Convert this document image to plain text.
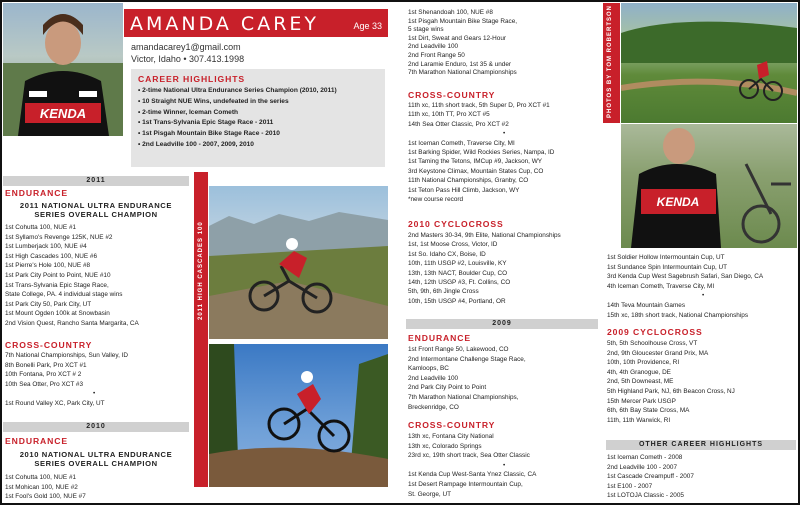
KENDA
AMANDA CAREY	Age 33
amandacarey1@gmail.com
Victor, Idaho • 307.413.1998
CAREER HIGHLIGHTS
• 2-time National Ultra Endurance Series Champion (2010, 2011)
• 10 Straight NUE Wins, undefeated in the series
• 2-time Winner, Iceman Cometh
• 1st Trans-Sylvania Epic Stage Race - 2011
• 1st Pisgah Mountain Bike Stage Race - 2010
• 2nd Leadville 100 - 2007, 2009, 2010
2011 HIGH CASCADES 100
2011
ENDURANCE
2011 NATIONAL ULTRA ENDURANCE
SERIES OVERALL CHAMPION
1st Cohutta 100, NUE #1
1st Syllamo's Revenge 125K, NUE #2
1st Lumberjack 100, NUE #4
1st High Cascades 100, NUE #6
1st Pierre's Hole 100, NUE #8
1st Park City Point to Point, NUE #10
1st Trans-Sylvania Epic Stage Race,
State College, PA. 4 individual stage wins
1st Park City 50, Park City, UT
1st Mount Ogden 100k at Snowbasin
2nd Vision Quest, Rancho Santa Margarita, CA
CROSS-COUNTRY
7th National Championships, Sun Valley, ID
8th Bonelli Park, Pro XCT #1
10th Fontana, Pro XCT # 2
10th Sea Otter, Pro XCT #3
•
1st Round Valley XC, Park City, UT
2010
ENDURANCE
2010 NATIONAL ULTRA ENDURANCE
SERIES OVERALL CHAMPION
1st Cohutta 100, NUE #1
1st Mohican 100, NUE #2
1st Fool's Gold 100, NUE #7
1st Shenandoah 100, NUE #8
1st Pisgah Mountain Bike Stage Race,
5 stage wins
1st Dirt, Sweat and Gears 12-Hour
2nd Leadville 100
2nd Front Range 50
2nd Laramie Enduro, 1st 35 & under
7th Marathon National Championships
CROSS-COUNTRY
11th xc, 11th short track, 5th Super D, Pro XCT #1
11th xc, 10th TT, Pro XCT #5
14th Sea Otter Classic, Pro XCT #2
•
1st Iceman Cometh, Traverse City, MI
1st Barking Spider, Wild Rockies Series, Nampa, ID
1st Taming the Tetons, IMCup #9, Jackson, WY
3rd Keystone Climax, Mountain States Cup, CO
11th National Championships, Granby, CO
1st Teton Pass Hill Climb, Jackson, WY
*new course record
2010 CYCLOCROSS
2nd Masters 30-34, 9th Elite, National Championships
1st, 1st Moose Cross, Victor, ID
1st So. Idaho CX, Boise, ID
10th, 11th USGP #2, Louisville, KY
13th, 13th NACT, Boulder Cup, CO
14th, 12th USGP #3, Ft. Collins, CO
5th, 9th, 6th Jingle Cross
10th, 15th USGP #4, Portland, OR
2009
ENDURANCE
1st Front Range 50, Lakewood, CO
2nd Intermontane Challenge Stage Race,
Kamloops, BC
2nd Leadville 100
2nd Park City Point to Point
7th Marathon National Championships,
Breckenridge, CO
CROSS-COUNTRY
13th xc, Fontana City National
13th xc, Colorado Springs
23rd xc, 19th short track, Sea Otter Classic
•
1st Kenda Cup West-Santa Ynez Classic, CA
1st Desert Rampage Intermountain Cup,
St. George, UT
PHOTOS BY TOM ROBERTSON
KENDA
1st Soldier Hollow Intermountain Cup, UT
1st Sundance Spin Intermountain Cup, UT
3rd Kenda Cup West Sagebrush Safari, San Diego, CA
4th Iceman Cometh, Traverse City, MI
•
14th Teva Mountain Games
15th xc, 18th short track, National Championships
2009 CYCLOCROSS
5th, 5th Schoolhouse Cross, VT
2nd, 9th Gloucester Grand Prix, MA
10th, 10th Providence, RI
4th, 4th Granogue, DE
2nd, 5th Downeast, ME
5th Highland Park, NJ, 6th Beacon Cross, NJ
15th Mercer Park USGP
6th, 6th Bay State Cross, MA
11th, 11th Warwick, RI
OTHER CAREER HIGHLIGHTS
1st Iceman Cometh - 2008
2nd Leadville 100 - 2007
1st Cascade Creampuff - 2007
1st E100 - 2007
1st LOTOJA Classic - 2005
